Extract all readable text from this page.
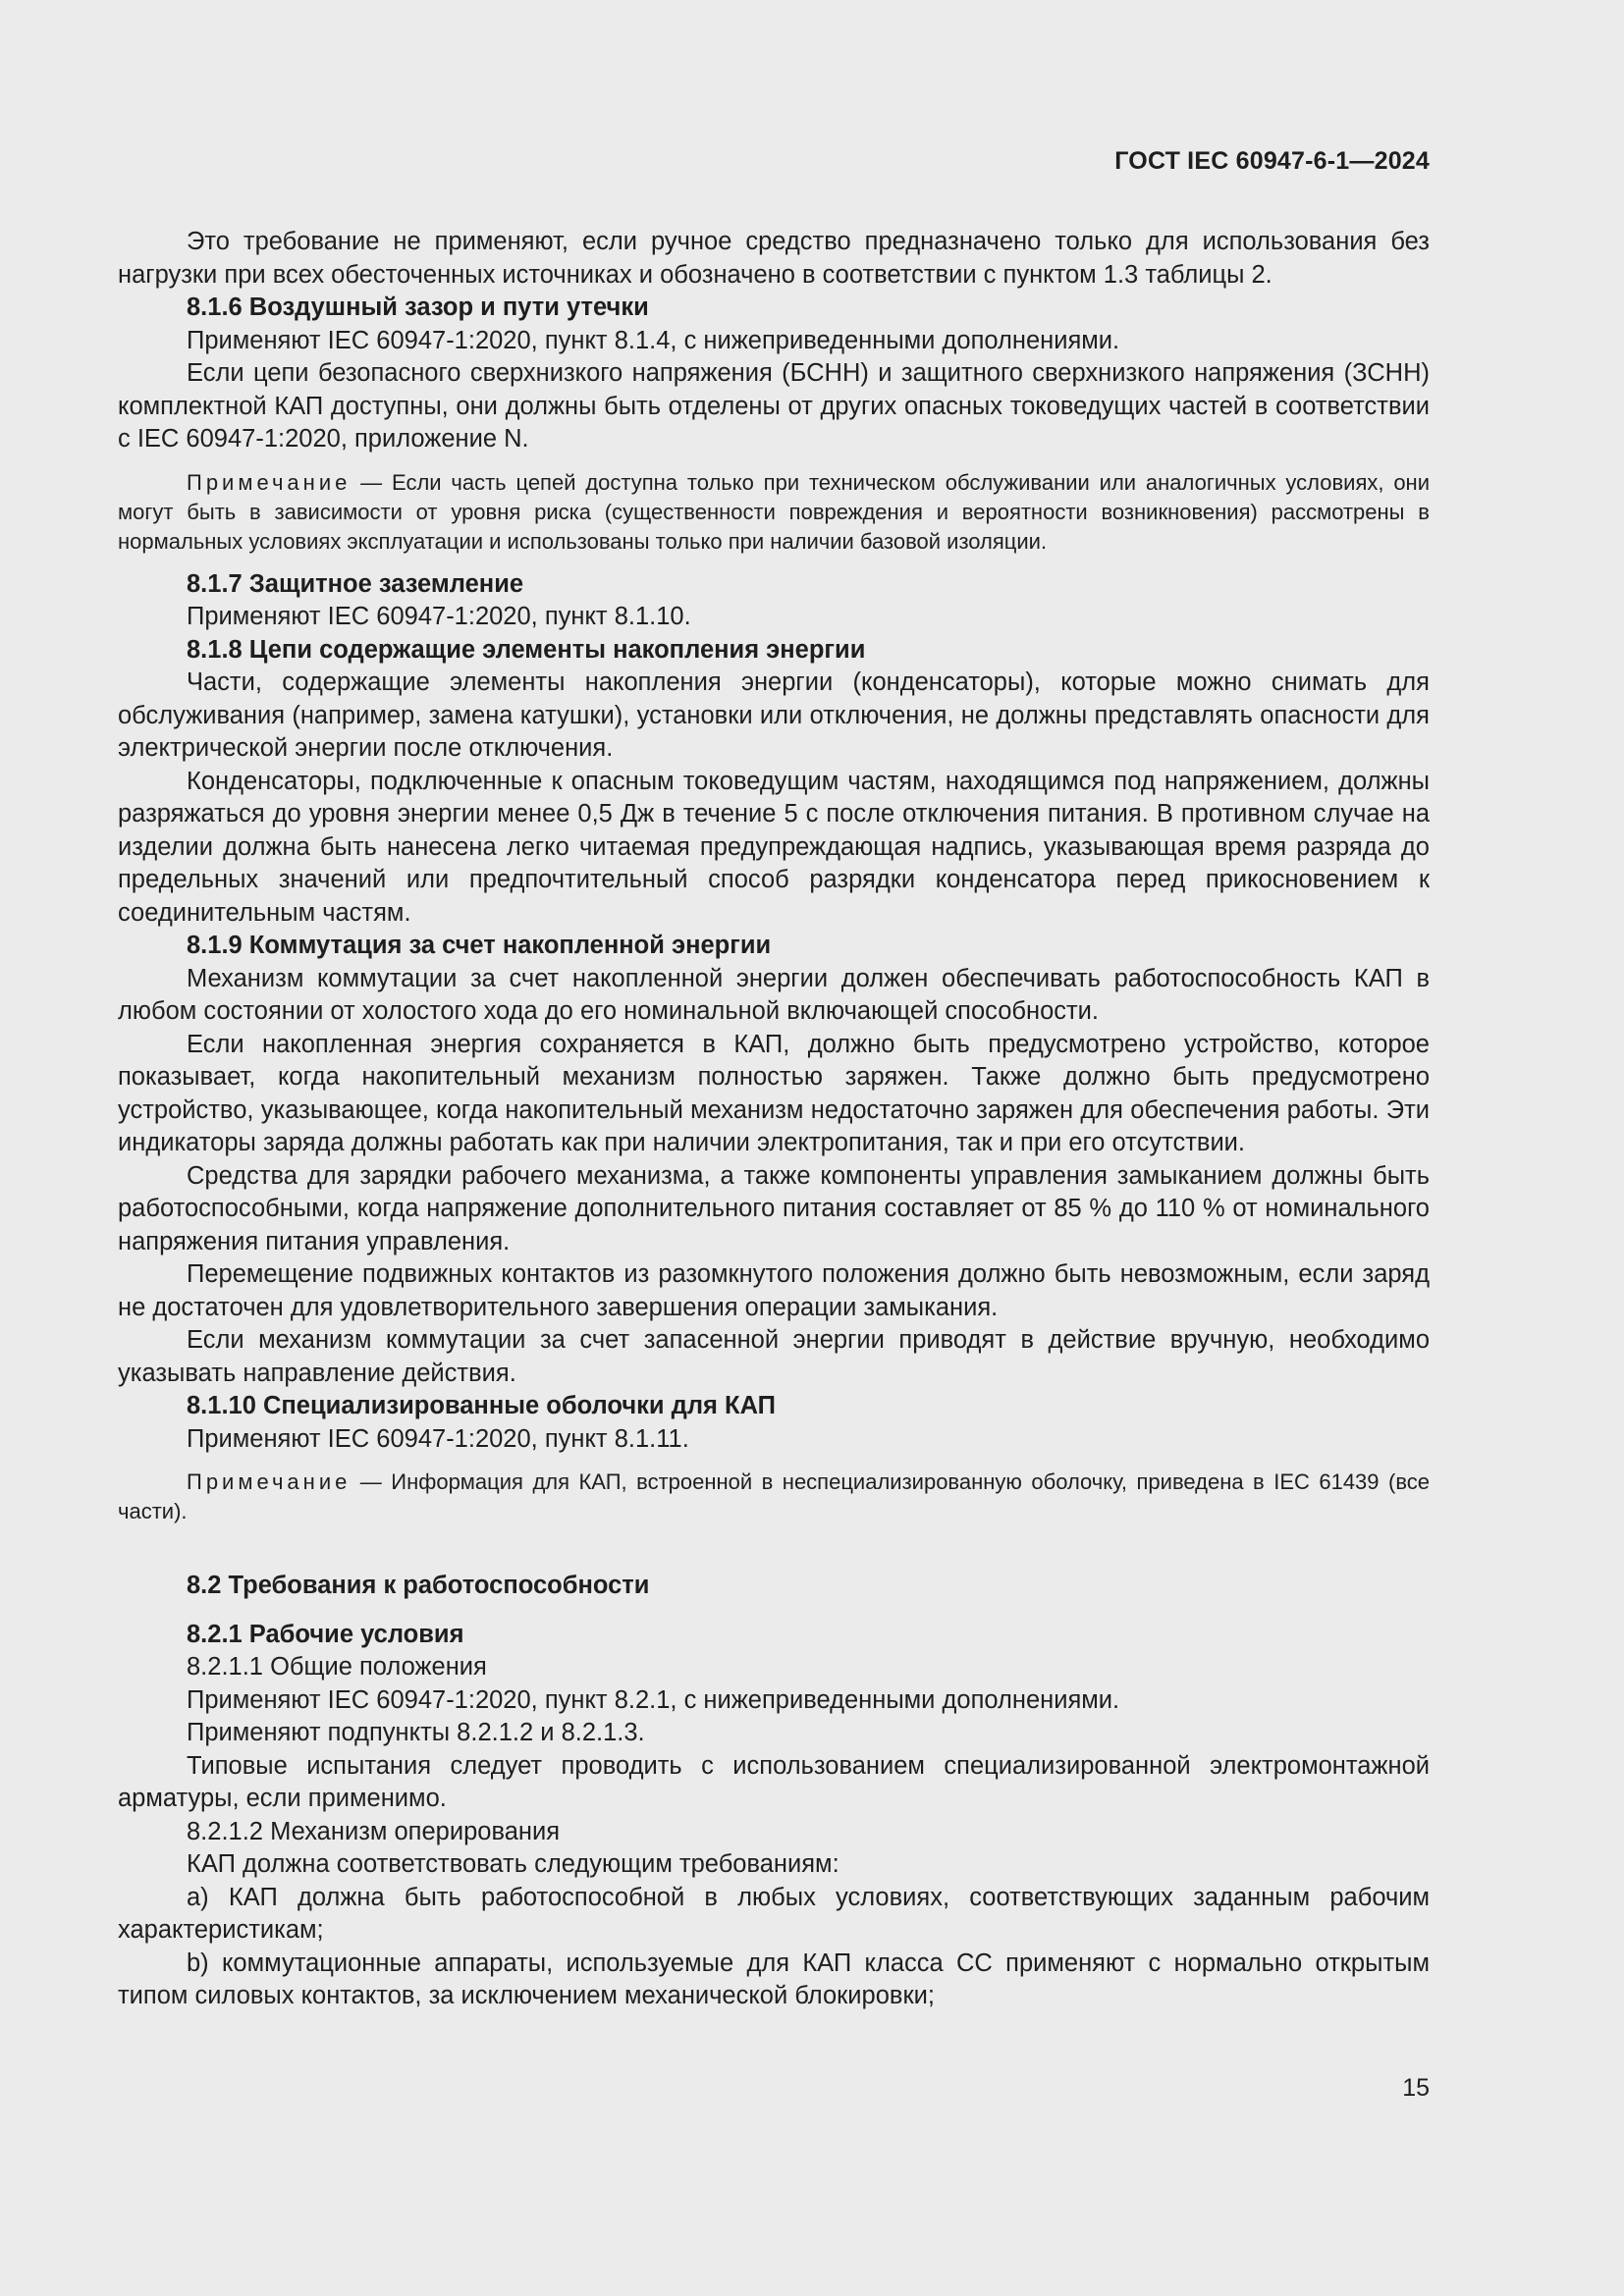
ГОСТ IEC 60947-6-1—2024

Это требование не применяют, если ручное средство предназначено только для использования без нагрузки при всех обесточенных источниках и обозначено в соответствии с пунктом 1.3 таблицы 2.

8.1.6 Воздушный зазор и пути утечки

Применяют IEC 60947-1:2020, пункт 8.1.4, с нижеприведенными дополнениями.

Если цепи безопасного сверхнизкого напряжения (БСНН) и защитного сверхнизкого напряжения (ЗСНН) комплектной КАП доступны, они должны быть отделены от других опасных токоведущих частей в соответствии с IEC 60947-1:2020, приложение N.

Примечание — Если часть цепей доступна только при техническом обслуживании или аналогичных условиях, они могут быть в зависимости от уровня риска (существенности повреждения и вероятности возникновения) рассмотрены в нормальных условиях эксплуатации и использованы только при наличии базовой изоляции.

8.1.7 Защитное заземление

Применяют IEC 60947-1:2020, пункт 8.1.10.

8.1.8 Цепи содержащие элементы накопления энергии

Части, содержащие элементы накопления энергии (конденсаторы), которые можно снимать для обслуживания (например, замена катушки), установки или отключения, не должны представлять опасности для электрической энергии после отключения.

Конденсаторы, подключенные к опасным токоведущим частям, находящимся под напряжением, должны разряжаться до уровня энергии менее 0,5 Дж в течение 5 с после отключения питания. В противном случае на изделии должна быть нанесена легко читаемая предупреждающая надпись, указывающая время разряда до предельных значений или предпочтительный способ разрядки конденсатора перед прикосновением к соединительным частям.

8.1.9 Коммутация за счет накопленной энергии

Механизм коммутации за счет накопленной энергии должен обеспечивать работоспособность КАП в любом состоянии от холостого хода до его номинальной включающей способности.

Если накопленная энергия сохраняется в КАП, должно быть предусмотрено устройство, которое показывает, когда накопительный механизм полностью заряжен. Также должно быть предусмотрено устройство, указывающее, когда накопительный механизм недостаточно заряжен для обеспечения работы. Эти индикаторы заряда должны работать как при наличии электропитания, так и при его отсутствии.

Средства для зарядки рабочего механизма, а также компоненты управления замыканием должны быть работоспособными, когда напряжение дополнительного питания составляет от 85 % до 110 % от номинального напряжения питания управления.

Перемещение подвижных контактов из разомкнутого положения должно быть невозможным, если заряд не достаточен для удовлетворительного завершения операции замыкания.

Если механизм коммутации за счет запасенной энергии приводят в действие вручную, необходимо указывать направление действия.

8.1.10 Специализированные оболочки для КАП

Применяют IEC 60947-1:2020, пункт 8.1.11.

Примечание — Информация для КАП, встроенной в неспециализированную оболочку, приведена в IEC 61439 (все части).

8.2 Требования к работоспособности

8.2.1 Рабочие условия

8.2.1.1 Общие положения

Применяют IEC 60947-1:2020, пункт 8.2.1, с нижеприведенными дополнениями.

Применяют подпункты 8.2.1.2 и 8.2.1.3.

Типовые испытания следует проводить с использованием специализированной электромонтажной арматуры, если применимо.

8.2.1.2 Механизм оперирования

КАП должна соответствовать следующим требованиям:

а) КАП должна быть работоспособной в любых условиях, соответствующих заданным рабочим характеристикам;

b) коммутационные аппараты, используемые для КАП класса СС применяют с нормально открытым типом силовых контактов, за исключением механической блокировки;

15
